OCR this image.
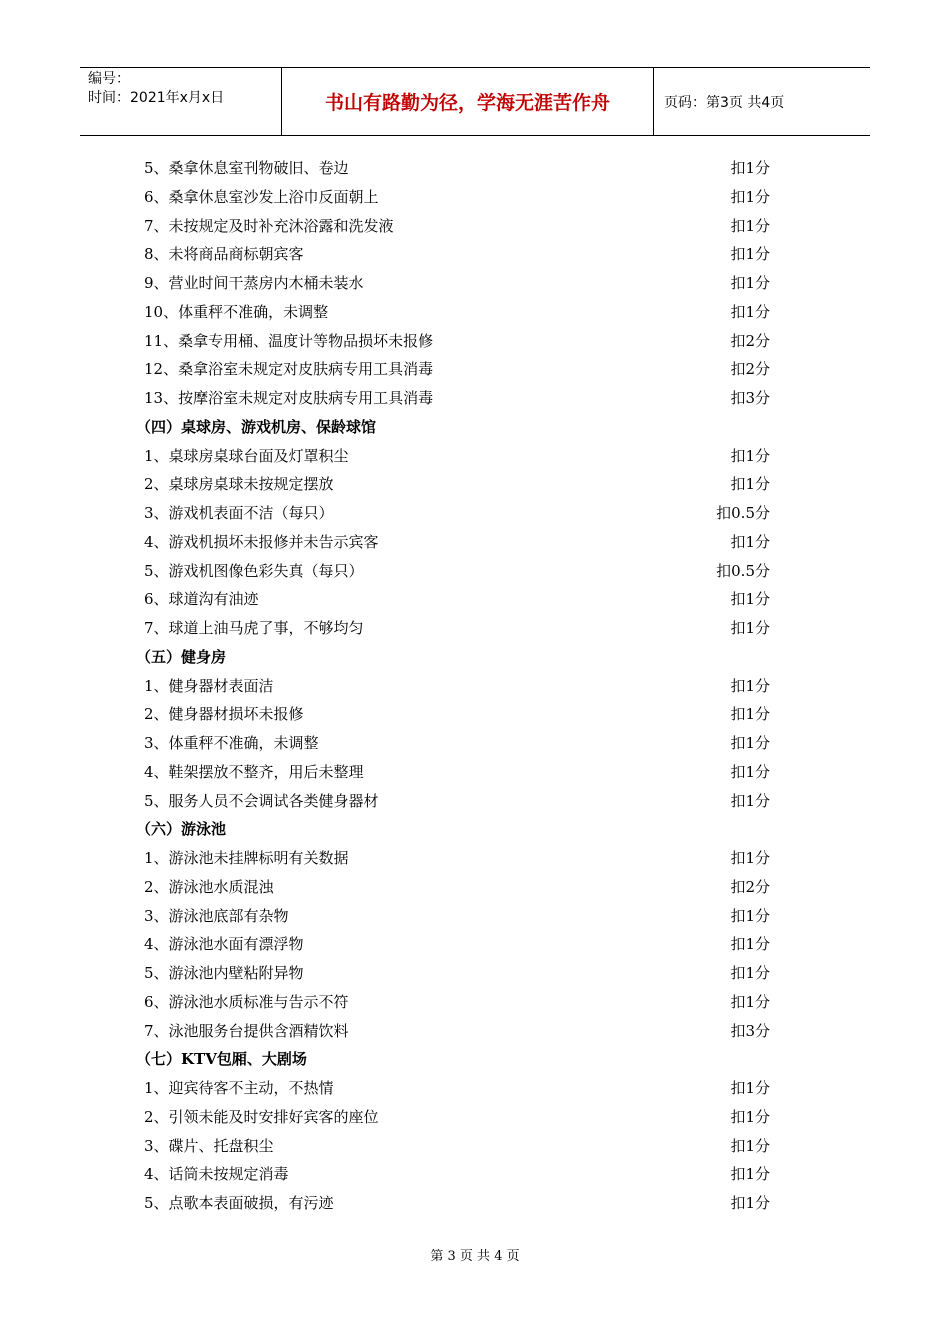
编号：
时间：2021年x月x日	书山有路勤为径，学海无涯苦作舟	页码：第3页 共4页
5、桑拿休息室刊物破旧、卷边	扣1分
6、桑拿休息室沙发上浴巾反面朝上	扣1分
7、未按规定及时补充沐浴露和洗发液	扣1分
8、未将商品商标朝宾客	扣1分
9、营业时间干蒸房内木桶未装水	扣1分
10、体重秤不准确，未调整	扣1分
11、桑拿专用桶、温度计等物品损坏未报修	扣2分
12、桑拿浴室未规定对皮肤病专用工具消毒	扣2分
13、按摩浴室未规定对皮肤病专用工具消毒	扣3分
（四）桌球房、游戏机房、保龄球馆
1、桌球房桌球台面及灯罩积尘	扣1分
2、桌球房桌球未按规定摆放	扣1分
3、游戏机表面不洁（每只）	扣0.5分
4、游戏机损坏未报修并未告示宾客	扣1分
5、游戏机图像色彩失真（每只）	扣0.5分
6、球道沟有油迹	扣1分
7、球道上油马虎了事，不够均匀	扣1分
（五）健身房
1、健身器材表面洁	扣1分
2、健身器材损坏未报修	扣1分
3、体重秤不准确，未调整	扣1分
4、鞋架摆放不整齐，用后未整理	扣1分
5、服务人员不会调试各类健身器材	扣1分
（六）游泳池
1、游泳池未挂牌标明有关数据	扣1分
2、游泳池水质混浊	扣2分
3、游泳池底部有杂物	扣1分
4、游泳池水面有漂浮物	扣1分
5、游泳池内壁粘附异物	扣1分
6、游泳池水质标准与告示不符	扣1分
7、泳池服务台提供含酒精饮料	扣3分
（七）KTV包厢、大剧场
1、迎宾待客不主动，不热情	扣1分
2、引领未能及时安排好宾客的座位	扣1分
3、碟片、托盘积尘	扣1分
4、话筒未按规定消毒	扣1分
5、点歌本表面破损，有污迹	扣1分
第 3 页 共 4 页
